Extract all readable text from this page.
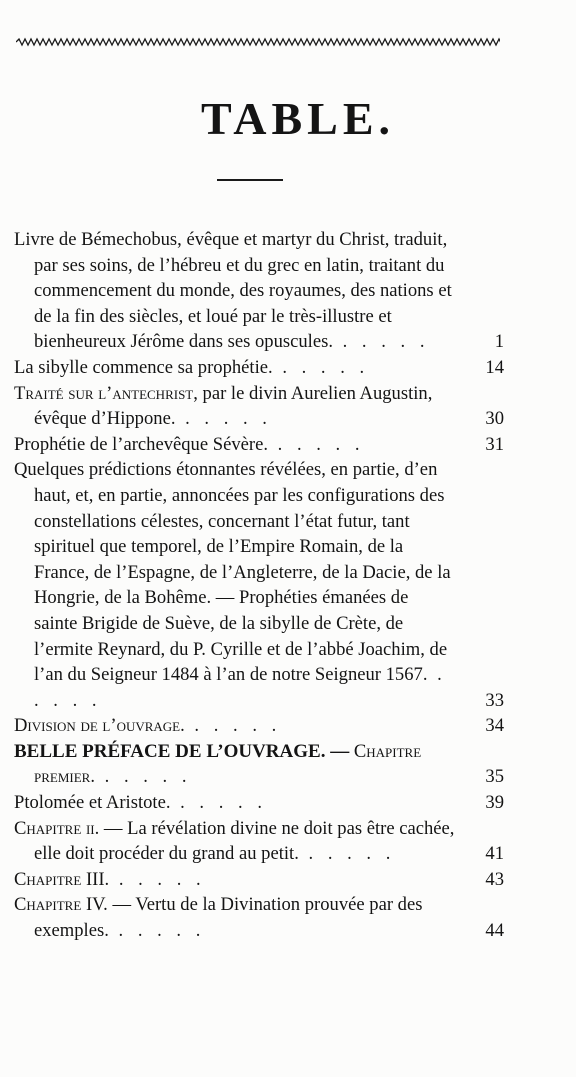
TABLE.
Livre de Bémechobus, évêque et martyr du Christ, traduit, par ses soins, de l’hébreu et du grec en latin, traitant du commencement du monde, des royaumes, des nations et de la fin des siècles, et loué par le très-illustre et bienheureux Jérôme dans ses opuscules. . . . . .	1
La sibylle commence sa prophétie. . . . . .	14
Traité sur l’antechrist, par le divin Aurelien Augustin, évêque d’Hippone. . . . . .	30
Prophétie de l’archevêque Sévère. . . . . .	31
Quelques prédictions étonnantes révélées, en partie, d’en haut, et, en partie, annoncées par les configurations des constellations célestes, concernant l’état futur, tant spirituel que temporel, de l’Empire Romain, de la France, de l’Espagne, de l’Angleterre, de la Dacie, de la Hongrie, de la Bohême. — Prophéties émanées de sainte Brigide de Suève, de la sibylle de Crète, de l’ermite Reynard, du P. Cyrille et de l’abbé Joachim, de l’an du Seigneur 1484 à l’an de notre Seigneur 1567. . . . . .	33
Division de l’ouvrage. . . . . .	34
BELLE PRÉFACE DE L’OUVRAGE. — Chapitre premier. . . . . .	35
Ptolomée et Aristote. . . . . .	39
Chapitre ii. — La révélation divine ne doit pas être cachée, elle doit procéder du grand au petit. . . . . .	41
Chapitre III. . . . . .	43
Chapitre IV. — Vertu de la Divination prouvée par des exemples. . . . . .	44
